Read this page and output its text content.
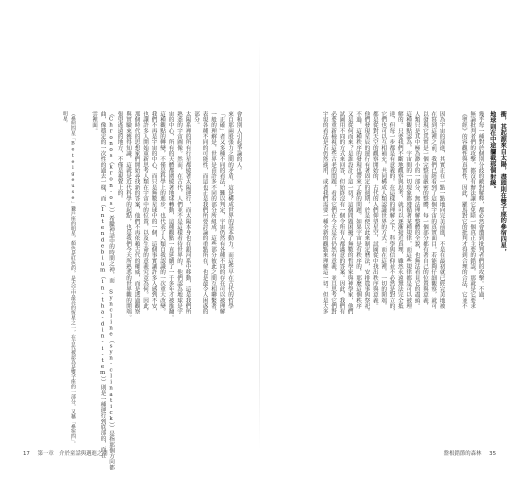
衝，其起源來自太陽，盡頭則在雙子座的參宿四星，
地球則在中途攔截那個射線。
幾乎每一種對於個別分歧的敵對解釋，都必然會遭到批判者們的攻擊。不過，
無論批判者們的攻擊，都沒有辦法讓它免除一個真正主要的錯誤，那就是它要求
《聖經》的容觀性與真實性，因此，羅馬對它的批判才得到合理的合法，它並不
因為宇宙的演進，其實正在一點一點地向完美前進，不是在最初就已經完美地被
在寫到這裡之前，我們已經看到了這個宇宙的真實面目。若能夠仔細觀察，就可
以發現它其實是一個完整而嚴密的整體，每一個部分都有著自己的位置與意義，
人類只是其中極為渺小的一部分，無法理解整體的全貌，也無法看見它的盡頭。
這種觀點認為，宇宙間的一切現象都遵循著某種規律，而這些規律都是可以被理
解的。只要我們不斷地觀察與思考，就可以逐漸接近真理，雖然永遠無法完全抵
達，但每一步都是有意義的。在這樣的理解之下，科學與信仰並不必然是對立的，
它們也可以互相補充，共同構成人類認識世界的方式。而在這裡，一切的開端，
都是從對天空的觀察開始的，古代的人們仰望星空，試圖從中找出秩序與意義。
他們發現星辰的運行有著固定的週期，於是便以此來制定曆法，安排農事與祭祀。
不過，這種秩序的發現也帶來了新的問題。如果宇宙是有秩序的，那麼這個秩序
又是從何而來？是誰設計了這一切？這個問題困擾了無數的哲學家與神學家，他們
試圖用不同的方式來回答，但始終沒有一個令所有人都滿意的答案。因此，我們有
必要重新檢視這些古老的問題，看看它們在今天是否仍然有意義，並且思考它們對
宇宙的看法是否仍然適用，或者我們需要一種全新的觀點來理解這一切。但是大多
盤根錯節的森林 35
會和別人引起爭論的人。
來自那兩股張力之間的矛盾，這是構成世界的基本動力。而這些早在古代的哲學
「正確」者又多種不同的看法，難以判定，宇宙仍然有各種不同的存在可以被理解
一般的理解是，世界是由許多不同的部分所組成，這些部分彼此之間互相聯繫著，
表現各種不同的可能性，而這也正是我們所要討論的重點所在，也是最令人困惑的
部分。
太陽系裡的所有行星都繞著太陽運行，而太陽本身也在銀河系中移動，這是我們所
熟悉的宇宙圖像。然而，在古代，人們並不是這樣看待世界的，他們認為地球是宇
宙的中心，所有的天體都圍繞著地球轉動，這種觀點一直延續了一千多年才被推翻。
這種觀點的轉變，不僅是科學上的進步，也代表了人類自我認識的一次重大改變。
我們不再是宇宙的中心，而只是無數星球中的一個，這個事實讓許多人感到不安，
也讓許多人開始重新思考人類在宇宙中的位置，以及生命的意義究竟為何。因此，
那個時代的思想家們開始尋找新的答案，他們不再依賴古代的權威，而是透過觀察
與實驗來獲得知識，這就是近代科學的起點，也是我們今天所熟悉的世界觀的開端。
張望遙遠的地方，不僅是視覺上的。
（Chronos（kron-os））希臘神話中的時間之神，而 Syncline（syn-clinatick））是指那個方向都
曲，像穩定的一次性的過去一樣，而（Intendebium（in-tha-din-i-tem））則是一種運行到底部的，而在
雲裡面。
（參照四星「Betelgeuse」獵戶座的明星，顏色是紅色的，是天空中最亮的恆星之一，在古代被認為是雙子座的一部分，又稱「參宿四」。
明星。
17 第一章　介於童話與邁進之間
